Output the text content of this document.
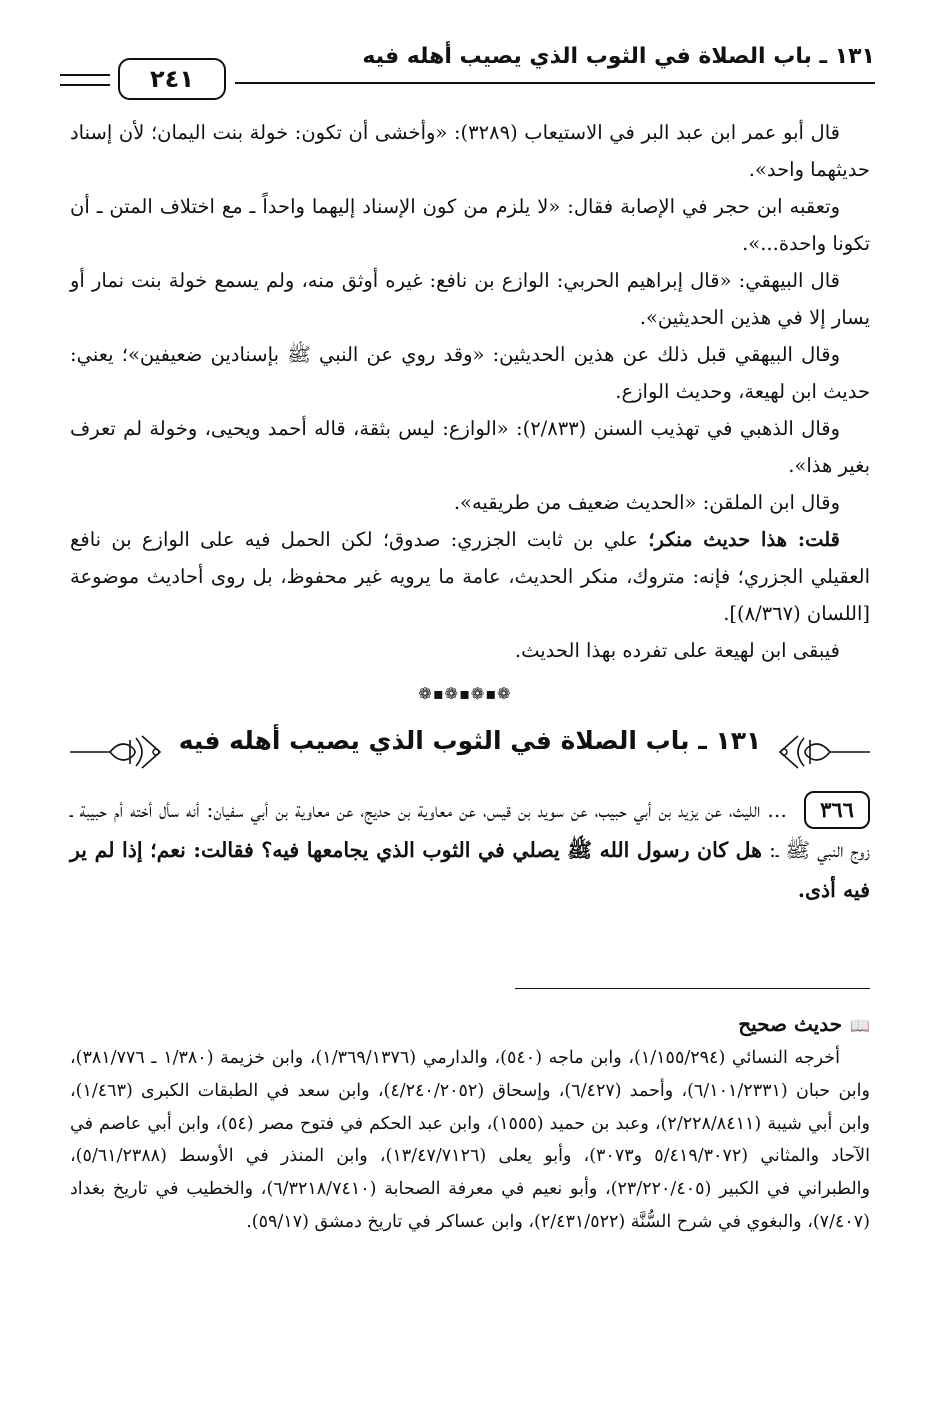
١٣١ ـ باب الصلاة في الثوب الذي يصيب أهله فيه
٢٤١

قال أبو عمر ابن عبد البر في الاستيعاب (٣٢٨٩): «وأخشى أن تكون: خولة بنت اليمان؛ لأن إسناد حديثهما واحد».

وتعقبه ابن حجر في الإصابة فقال: «لا يلزم من كون الإسناد إليهما واحداً ـ مع اختلاف المتن ـ أن تكونا واحدة...».

قال البيهقي: «قال إبراهيم الحربي: الوازع بن نافع: غيره أوثق منه، ولم يسمع خولة بنت نمار أو يسار إلا في هذين الحديثين».

وقال البيهقي قبل ذلك عن هذين الحديثين: «وقد روي عن النبي ﷺ بإسنادين ضعيفين»؛ يعني: حديث ابن لهيعة، وحديث الوازع.

وقال الذهبي في تهذيب السنن (٢/٨٣٣): «الوازع: ليس بثقة، قاله أحمد ويحيى، وخولة لم تعرف بغير هذا».

وقال ابن الملقن: «الحديث ضعيف من طريقيه».

قلت: هذا حديث منكر؛ علي بن ثابت الجزري: صدوق؛ لكن الحمل فيه على الوازع بن نافع العقيلي الجزري؛ فإنه: متروك، منكر الحديث، عامة ما يرويه غير محفوظ، بل روى أحاديث موضوعة [اللسان (٨/٣٦٧)].

فيبقى ابن لهيعة على تفرده بهذا الحديث.

❁▪❁▪❁▪❁
١٣١ ـ باب الصلاة في الثوب الذي يصيب أهله فيه

٣٦٦ ... الليث، عن يزيد بن أبي حبيب، عن سويد بن قيس، عن معاوية بن حديج، عن معاوية بن أبي سفيان: أنه سأل أخته أم حبيبة ـ زوج النبي ﷺ ـ: هل كان رسول الله ﷺ يصلي في الثوب الذي يجامعها فيه؟ فقالت: نعم؛ إذا لم ير فيه أذى.

📖حديث صحيح

أخرجه النسائي (١/١٥٥/٢٩٤)، وابن ماجه (٥٤٠)، والدارمي (١/٣٦٩/١٣٧٦)، وابن خزيمة (١/٣٨٠ ـ ٣٨١/٧٧٦)، وابن حبان (٦/١٠١/٢٣٣١)، وأحمد (٦/٤٢٧)، وإسحاق (٤/٢٤٠/٢٠٥٢)، وابن سعد في الطبقات الكبرى (١/٤٦٣)، وابن أبي شيبة (٢/٢٢٨/٨٤١١)، وعبد بن حميد (١٥٥٥)، وابن عبد الحكم في فتوح مصر (٥٤)، وابن أبي عاصم في الآحاد والمثاني (٥/٤١٩/٣٠٧٢ و٣٠٧٣)، وأبو يعلى (١٣/٤٧/٧١٢٦)، وابن المنذر في الأوسط (٥/٦١/٢٣٨٨)، والطبراني في الكبير (٢٣/٢٢٠/٤٠٥)، وأبو نعيم في معرفة الصحابة (٦/٣٢١٨/٧٤١٠)، والخطيب في تاريخ بغداد (٧/٤٠٧)، والبغوي في شرح السُّنَّة (٢/٤٣١/٥٢٢)، وابن عساكر في تاريخ دمشق (٥٩/١٧).
